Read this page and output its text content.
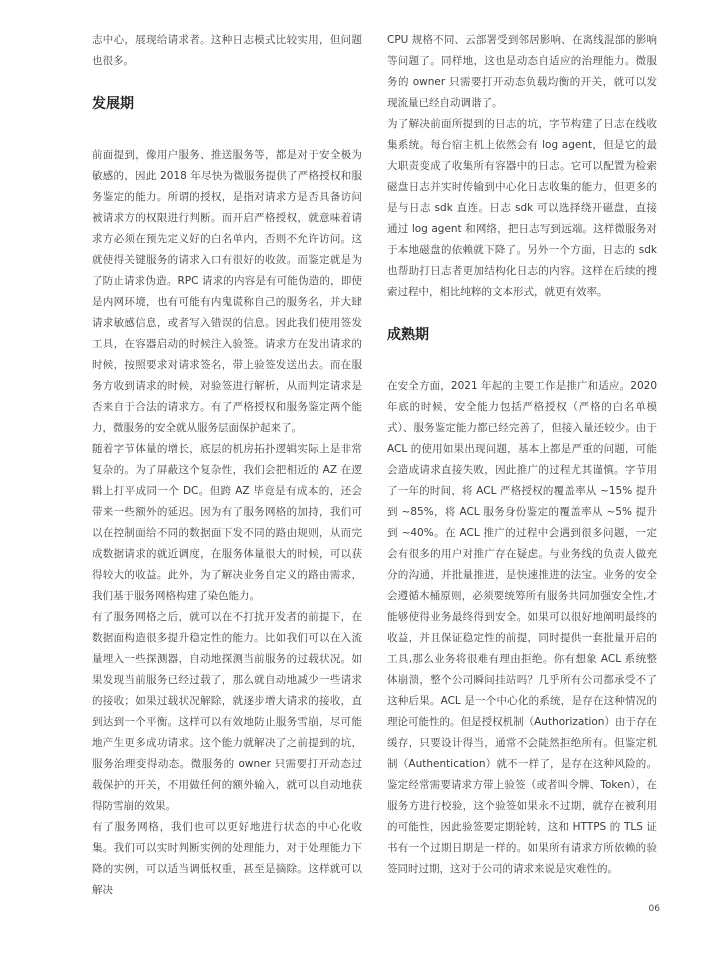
志中心，展现给请求者。这种日志模式比较实用，但问题也很多。

发展期

前面提到，像用户服务、推送服务等，都是对于安全极为敏感的，因此 2018 年尽快为微服务提供了严格授权和服务鉴定的能力。所谓的授权，是指对请求方是否具备访问被请求方的权限进行判断。而开启严格授权，就意味着请求方必须在预先定义好的白名单内，否则不允许访问。这就使得关键服务的请求入口有很好的收敛。而鉴定就是为了防止请求伪造。RPC 请求的内容是有可能伪造的，即使是内网环境，也有可能有内鬼谎称自己的服务名，并大肆请求敏感信息，或者写入错误的信息。因此我们使用签发工具，在容器启动的时候注入验签。请求方在发出请求的时候，按照要求对请求签名，带上验签发送出去。而在服务方收到请求的时候，对验签进行解析，从而判定请求是否来自于合法的请求方。有了严格授权和服务鉴定两个能力，微服务的安全就从服务层面保护起来了。

随着字节体量的增长，底层的机房拓扑逻辑实际上是非常复杂的。为了屏蔽这个复杂性，我们会把相近的 AZ 在逻辑上打平成同一个 DC。但跨 AZ 毕竟是有成本的，还会带来一些额外的延迟。因为有了服务网格的加持，我们可以在控制面给不同的数据面下发不同的路由规则，从而完成数据请求的就近调度，在服务体量很大的时候，可以获得较大的收益。此外，为了解决业务自定义的路由需求，我们基于服务网格构建了染色能力。

有了服务网格之后，就可以在不打扰开发者的前提下，在数据面构造很多提升稳定性的能力。比如我们可以在入流量埋入一些探测器，自动地探测当前服务的过载状况。如果发现当前服务已经过载了，那么就自动地减少一些请求的接收；如果过载状况解除，就逐步增大请求的接收，直到达到一个平衡。这样可以有效地防止服务雪崩，尽可能地产生更多成功请求。这个能力就解决了之前提到的坑，服务治理变得动态。微服务的 owner 只需要打开动态过载保护的开关，不用做任何的额外输入，就可以自动地获得防雪崩的效果。

有了服务网格，我们也可以更好地进行状态的中心化收集。我们可以实时判断实例的处理能力，对于处理能力下降的实例，可以适当调低权重，甚至是摘除。这样就可以解决

CPU 规格不同、云部署受到邻居影响、在离线混部的影响等问题了。同样地，这也是动态自适应的治理能力。微服务的 owner 只需要打开动态负载均衡的开关，就可以发现流量已经自动调谐了。

为了解决前面所提到的日志的坑，字节构建了日志在线收集系统。每台宿主机上依然会有 log agent，但是它的最大职责变成了收集所有容器中的日志。它可以配置为检索磁盘日志并实时传输到中心化日志收集的能力，但更多的是与日志 sdk 直连。日志 sdk 可以选择绕开磁盘，直接通过 log agent 和网络，把日志写到远端。这样微服务对于本地磁盘的依赖就下降了。另外一个方面，日志的 sdk 也帮助打日志者更加结构化日志的内容。这样在后续的搜索过程中，相比纯粹的文本形式，就更有效率。

成熟期

在安全方面，2021 年起的主要工作是推广和适应。2020 年底的时候，安全能力包括严格授权（严格的白名单模式）、服务鉴定能力都已经完善了，但接入量还较少。由于 ACL 的使用如果出现问题，基本上都是严重的问题，可能会造成请求直接失败，因此推广的过程尤其谨慎。字节用了一年的时间，将 ACL 严格授权的覆盖率从 ~15% 提升到 ~85%，将 ACL 服务身份鉴定的覆盖率从 ~5% 提升到 ~40%。在 ACL 推广的过程中会遇到很多问题，一定会有很多的用户对推广存在疑虑。与业务线的负责人做充分的沟通，并批量推进，是快速推进的法宝。业务的安全会遵循木桶原则，必须要统筹所有服务共同加强安全性,才能够使得业务最终得到安全。如果可以很好地阐明最终的收益，并且保证稳定性的前提，同时提供一套批量开启的工具,那么业务将很难有理由拒绝。你有想象 ACL 系统整体崩溃，整个公司瞬间挂站吗？几乎所有公司都承受不了这种后果。ACL 是一个中心化的系统，是存在这种情况的理论可能性的。但是授权机制（Authorization）由于存在缓存，只要设计得当，通常不会陡然拒绝所有。但鉴定机制（Authentication）就不一样了，是存在这种风险的。鉴定经常需要请求方带上验签（或者叫令牌、Token），在服务方进行校验，这个验签如果永不过期，就存在被利用的可能性，因此验签要定期轮转，这和 HTTPS 的 TLS 证书有一个过期日期是一样的。如果所有请求方所依赖的验签同时过期，这对于公司的请求来说是灾难性的。

06
